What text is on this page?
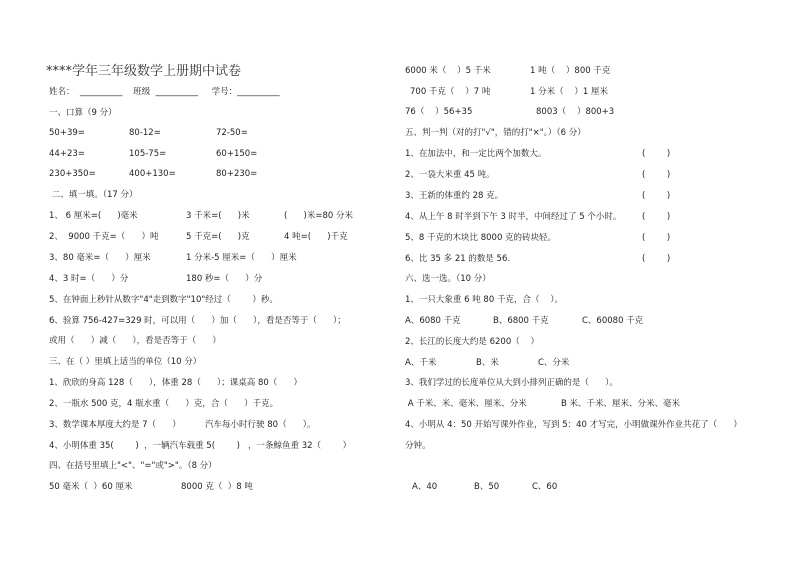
****学年三年级数学上册期中试卷
姓名：  __________    班级  __________     学号：__________
一、口算（9 分）
50+39=	80-12=	72-50=
44+23=	105-75=	60+150=
230+350=	400+130=	80+230=
二、填一填。（17 分）
1、 6 厘米=(      )毫米	3 千米=(      )米	(      )米=80 分米
2、  9000 千克=（      ）吨	5 千克=(      )克	4 吨=(      )千克
3、80 毫米=（      ）厘米	1 分米-5 厘米=（      ）厘米
4、3 时=（      ）分	180 秒=（      ）分
5、在钟面上秒针从数字"4"走到数字"10"经过（        ）秒。
6、验算 756-427=329 时，可以用（      ）加（      ），看是否等于（      ）；
或用（      ）减（      ），看是否等于（      ）
三、在（ ）里填上适当的单位（10 分）
1、欣欣的身高 128（      ），体重 28（      ）；课桌高 80（      ）
2、一瓶水 500 克，4 瓶水重（      ）克，合（      ）千克。
3、数学课本厚度大约是 7（      ）         汽车每小时行驶 80（      ）。
4、小明体重 35(        )  ，一辆汽车载重 5(        )   ，一条鲸鱼重 32（        ）
四、在括号里填上"<"、"="或">"。（8 分）
50 毫米（  ）60 厘米	8000 克（  ）8 吨
6000 米（    ）5 千米	1 吨（    ）800 千克
700 千克（    ）7 吨	1 分米（    ）1 厘米
76（    ）56+35	8003（    ）800+3
五、判一判（对的打"√"，错的打"×"。）（6 分）
1、在加法中，和一定比两个加数大。	(        )
2、一袋大米重 45 吨。	(        )
3、王新的体重约 28 克。	(        )
4、从上午 8 时半到下午 3 时半，中间经过了 5 个小时。 (        )
5、8 千克的木块比 8000 克的砖块轻。	(        )
6、比 35 多 21 的数是 56.	(        )
六、选一选。（10 分）
1、一只大象重 6 吨 80 千克，合（    ）。
A、6080 千克	B、6800 千克	C、60080 千克
2、长江的长度大约是 6200（    ）
A、千米	B、米	C、分米
3、我们学过的长度单位从大到小排列正确的是（      ）。
A 千米、米、毫米、厘米、分米	B 米、千米、厘米、分米、毫米
4、小明从 4：50 开始写课外作业，写到 5：40 才写完，小明做课外作业共花了（      ）
分钟。
A、40	B、50	C、60
